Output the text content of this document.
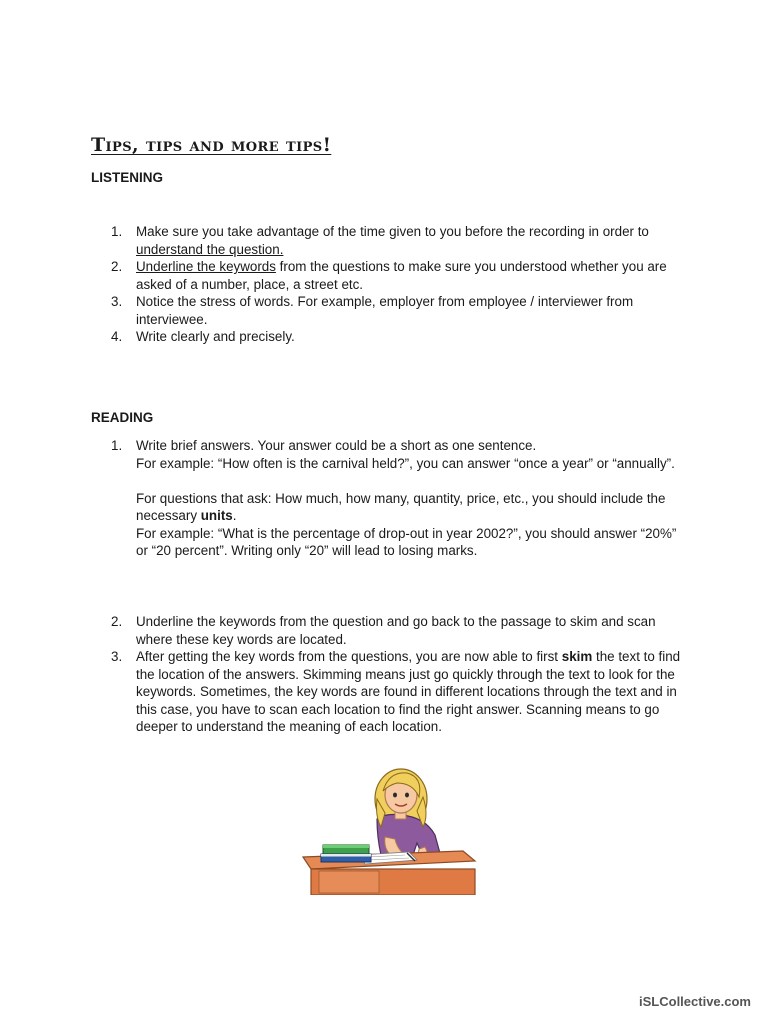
Tips, tips and more tips!
LISTENING
1. Make sure you take advantage of the time given to you before the recording in order to understand the question.
2. Underline the keywords from the questions to make sure you understood whether you are asked of a number, place, a street etc.
3. Notice the stress of words. For example, employer from employee / interviewer from interviewee.
4. Write clearly and precisely.
READING
1. Write brief answers. Your answer could be a short as one sentence.

For example: “How often is the carnival held?”, you can answer “once a year” or “annually”.

For questions that ask: How much, how many, quantity, price, etc., you should include the necessary units.

For example: “What is the percentage of drop-out in year 2002?”, you should answer “20%” or “20 percent”. Writing only “20” will lead to losing marks.

2. Underline the keywords from the question and go back to the passage to skim and scan where these key words are located.
3. After getting the key words from the questions, you are now able to first skim the text to find the location of the answers. Skimming means just go quickly through the text to look for the keywords. Sometimes, the key words are found in different locations through the text and in this case, you have to scan each location to find the right answer. Scanning means to go deeper to understand the meaning of each location.
iSLCollective.com
